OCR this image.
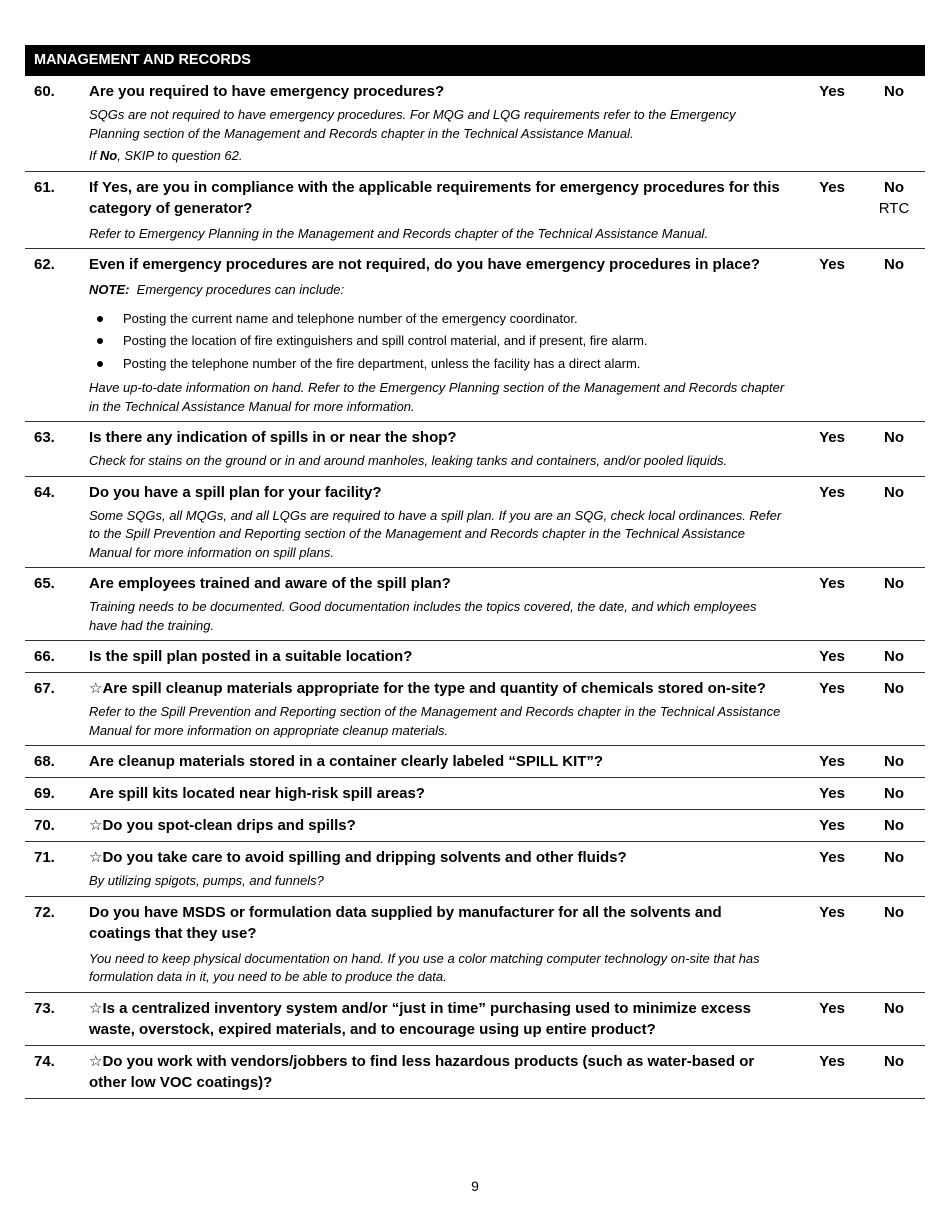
MANAGEMENT AND RECORDS
60.	Are you required to have emergency procedures?
SQGs are not required to have emergency procedures. For MQG and LQG requirements refer to the Emergency Planning section of the Management and Records chapter in the Technical Assistance Manual.
If No, SKIP to question 62.
Yes	No
61.	If Yes, are you in compliance with the applicable requirements for emergency procedures for this category of generator?
Refer to Emergency Planning in the Management and Records chapter of the Technical Assistance Manual.
Yes	No
RTC
62.	Even if emergency procedures are not required, do you have emergency procedures in place?
NOTE:  Emergency procedures can include:
Posting the current name and telephone number of the emergency coordinator.
Posting the location of fire extinguishers and spill control material, and if present, fire alarm.
Posting the telephone number of the fire department, unless the facility has a direct alarm.
Have up-to-date information on hand. Refer to the Emergency Planning section of the Management and Records chapter in the Technical Assistance Manual for more information.
Yes	No
63.	Is there any indication of spills in or near the shop?
Check for stains on the ground or in and around manholes, leaking tanks and containers, and/or pooled liquids.
Yes	No
64.	Do you have a spill plan for your facility?
Some SQGs, all MQGs, and all LQGs are required to have a spill plan. If you are an SQG, check local ordinances. Refer to the Spill Prevention and Reporting section of the Management and Records chapter in the Technical Assistance Manual for more information on spill plans.
Yes	No
65.	Are employees trained and aware of the spill plan?
Training needs to be documented. Good documentation includes the topics covered, the date, and which employees have had the training.
Yes	No
66.	Is the spill plan posted in a suitable location?	Yes	No
67.	☆Are spill cleanup materials appropriate for the type and quantity of chemicals stored on-site?
Refer to the Spill Prevention and Reporting section of the Management and Records chapter in the Technical Assistance Manual for more information on appropriate cleanup materials.
Yes	No
68.	Are cleanup materials stored in a container clearly labeled “SPILL KIT”?	Yes	No
69.	Are spill kits located near high-risk spill areas?	Yes	No
70.	☆Do you spot-clean drips and spills?	Yes	No
71.	☆Do you take care to avoid spilling and dripping solvents and other fluids?
By utilizing spigots, pumps, and funnels?
Yes	No
72.	Do you have MSDS or formulation data supplied by manufacturer for all the solvents and coatings that they use?
You need to keep physical documentation on hand. If you use a color matching computer technology on-site that has formulation data in it, you need to be able to produce the data.
Yes	No
73.	☆Is a centralized inventory system and/or “just in time” purchasing used to minimize excess waste, overstock, expired materials, and to encourage using up entire product?
Yes	No
74.	☆Do you work with vendors/jobbers to find less hazardous products (such as water-based or other low VOC coatings)?
Yes	No
9
